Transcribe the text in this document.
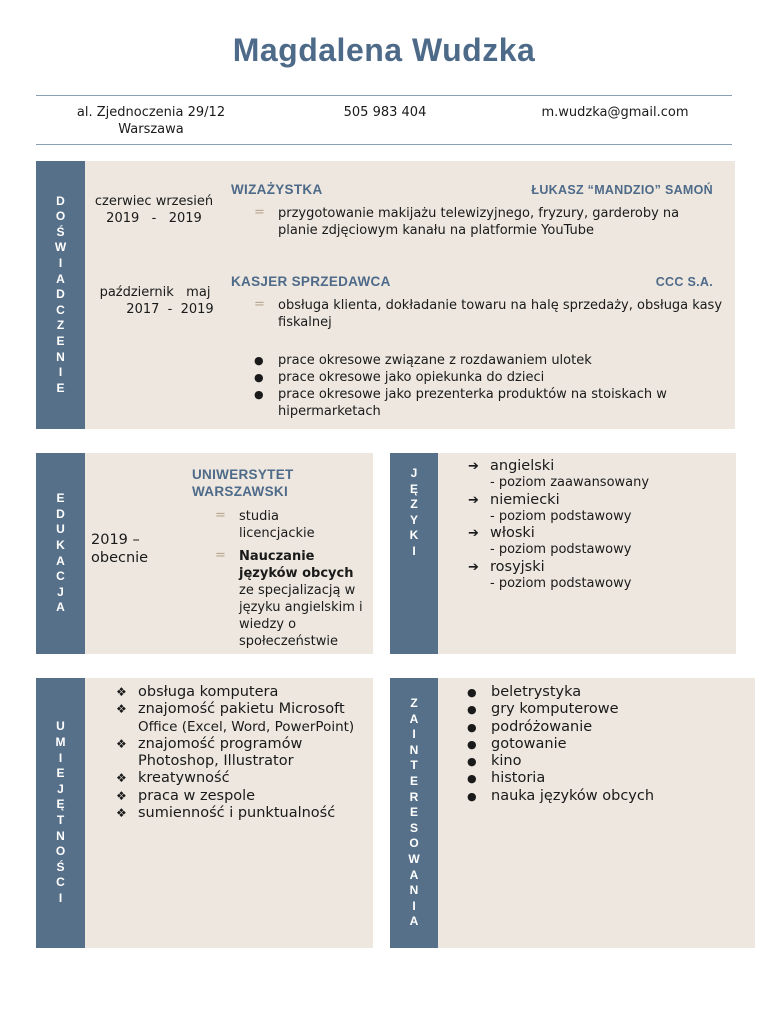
Magdalena Wudzka
al. Zjednoczenia 29/12
Warszawa
505 983 404	m.wudzka@gmail.com
D
O
Ś
W
I
A
D
C
Z
E
N
I
E
czerwiec wrzesień
2019   -   2019
WIZAŻYSTKA	ŁUKASZ “MANDZIO” SAMOŃ
= przygotowanie makijażu telewizyjnego, fryzury, garderoby na planie zdjęciowym kanału na platformie YouTube
październik   maj
2017  -  2019
KASJER SPRZEDAWCA	CCC S.A.
= obsługa klienta, dokładanie towaru na halę sprzedaży, obsługa kasy fiskalnej
●	prace okresowe związane z rozdawaniem ulotek
●	prace okresowe jako opiekunka do dzieci
●	prace okresowe jako prezenterka produktów na stoiskach w hipermarketach
E
D
U
K
A
C
J
A
2019 –
obecnie
UNIWERSYTET WARSZAWSKI
= studia licencjackie
= Nauczanie języków obcych ze specjalizacją w języku angielskim i wiedzy o społeczeństwie
J
Ę
Z
Y
K
I
➔ angielski
- poziom zaawansowany
➔ niemiecki
- poziom podstawowy
➔ włoski
- poziom podstawowy
➔ rosyjski
- poziom podstawowy
U
M
I
E
J
Ę
T
N
O
Ś
C
I
❖ obsługa komputera
❖ znajomość pakietu Microsoft
Office (Excel, Word, PowerPoint)
❖ znajomość programów
Photoshop, Illustrator
❖ kreatywność
❖ praca w zespole
❖ sumienność i punktualność
Z
A
I
N
T
E
R
E
S
O
W
A
N
I
A
● beletrystyka
● gry komputerowe
● podróżowanie
● gotowanie
● kino
● historia
● nauka języków obcych
